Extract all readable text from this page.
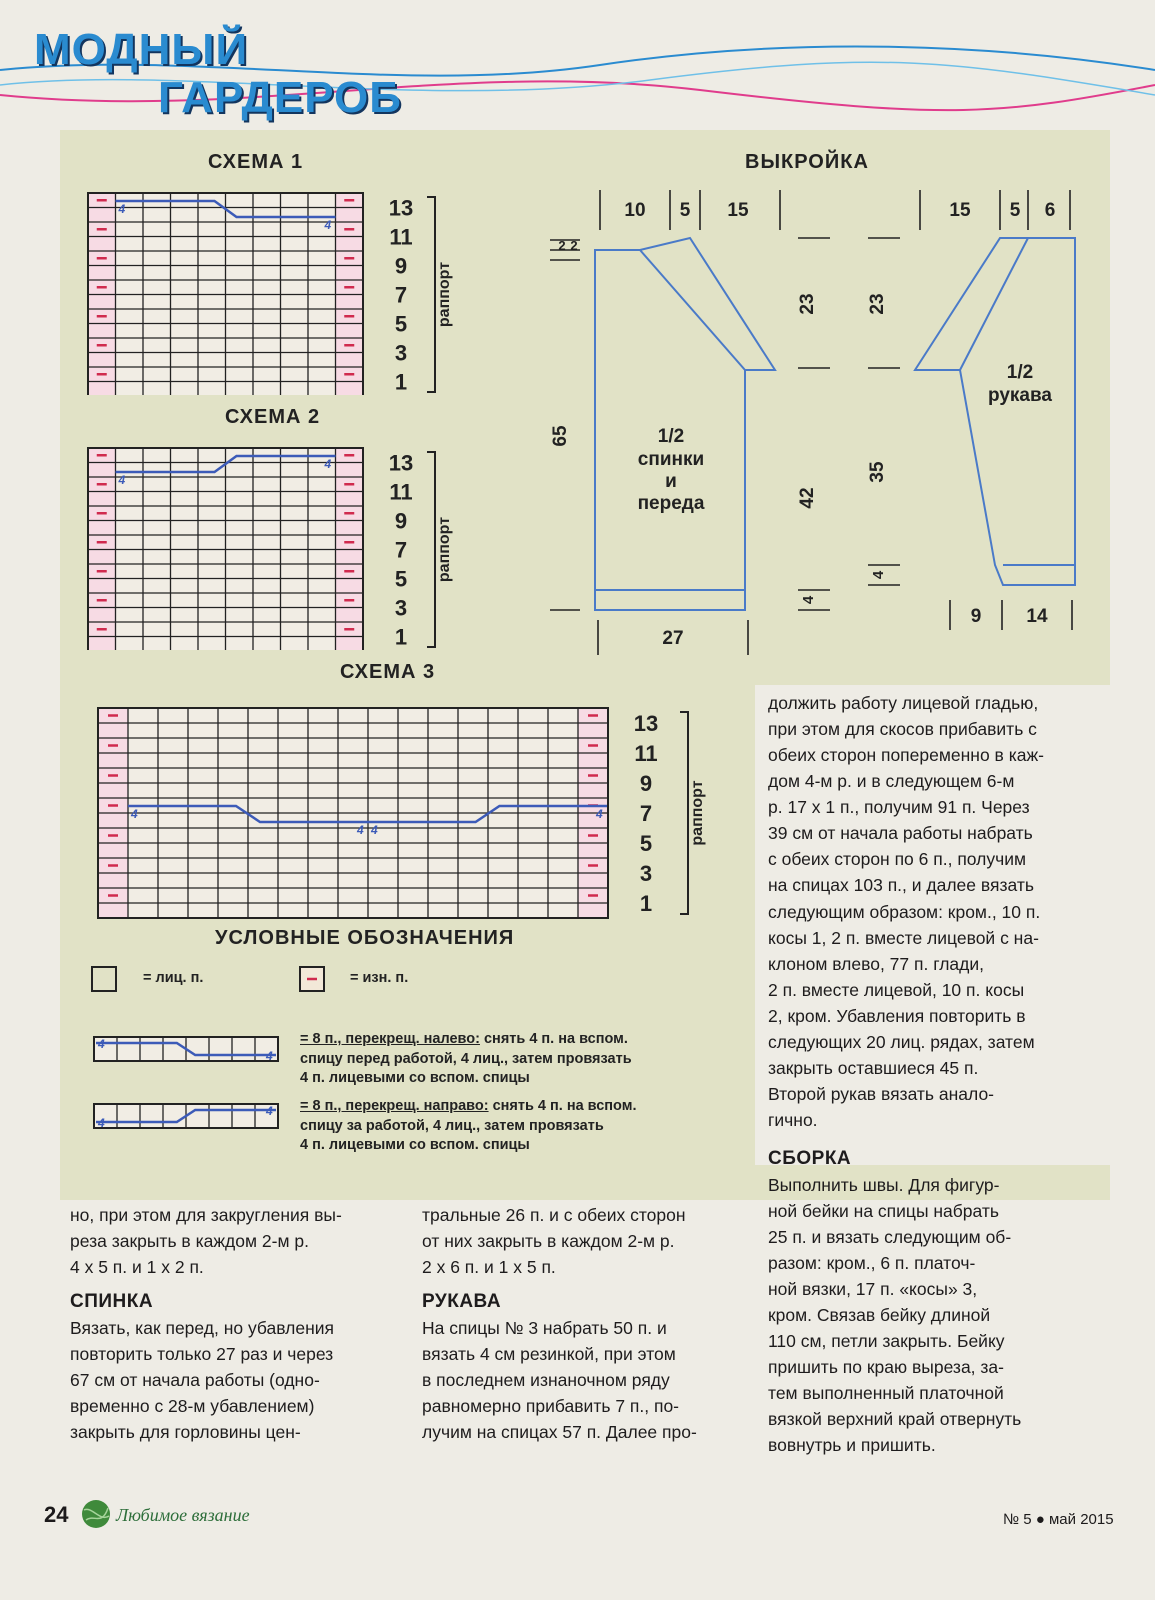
МОДНЫЙ
ГАРДЕРОБ
СХЕМА 1
4
4
13
11
9
7
5
3
1
раппорт
СХЕМА 2
4
4	13
11
9
7
5
3
1
раппорт
СХЕМА 3
4
4 4
4
13
11
9
7
5
3
1
раппорт
ВЫКРОЙКА
10 5 15	15 5 6
2 2
65
23
42
4
23
35
4
1/2
спинки
и
переда
27
1/2
рукава
9 14
УСЛОВНЫЕ ОБОЗНАЧЕНИЯ
= лиц. п.	= изн. п.
4
4
= 8 п., перекрещ. налево: снять 4 п. на вспом.
спицу перед работой, 4 лиц., затем провязать
4 п. лицевыми со вспом. спицы
4
4 = 8 п., перекрещ. направо: снять 4 п. на вспом.
спицу за работой, 4 лиц., затем провязать
4 п. лицевыми со вспом. спицы
должить работу лицевой гладью,
при этом для скосов прибавить с
обеих сторон попеременно в каж-
дом 4-м р. и в следующем 6-м
р. 17 x 1 п., получим 91 п. Через
39 см от начала работы набрать
с обеих сторон по 6 п., получим
на спицах 103 п., и далее вязать
следующим образом: кром., 10 п.
косы 1, 2 п. вместе лицевой с на-
клоном влево, 77 п. глади,
2 п. вместе лицевой, 10 п. косы
2, кром. Убавления повторить в
следующих 20 лиц. рядах, затем
закрыть оставшиеся 45 п.
Второй рукав вязать анало-
гично.
СБОРКА
Выполнить швы. Для фигур-
ной бейки на спицы набрать
25 п. и вязать следующим об-
разом: кром., 6 п. платоч-
ной вязки, 17 п. «косы» 3,
кром. Связав бейку длиной
110 см, петли закрыть. Бейку
пришить по краю выреза, за-
тем выполненный платочной
вязкой верхний край отвернуть
вовнутрь и пришить.
но, при этом для закругления вы-
реза закрыть в каждом 2-м р.
4 x 5 п. и 1 x 2 п.
СПИНКА
Вязать, как перед, но убавления
повторить только 27 раз и через
67 см от начала работы (одно-
временно с 28-м убавлением)
закрыть для горловины цен-
тральные 26 п. и с обеих сторон
от них закрыть в каждом 2-м р.
2 x 6 п. и 1 x 5 п.
РУКАВА
На спицы № 3 набрать 50 п. и
вязать 4 см резинкой, при этом
в последнем изнаночном ряду
равномерно прибавить 7 п., по-
лучим на спицах 57 п. Далее про-
24	Любимое вязание	№ 5 ● май 2015
